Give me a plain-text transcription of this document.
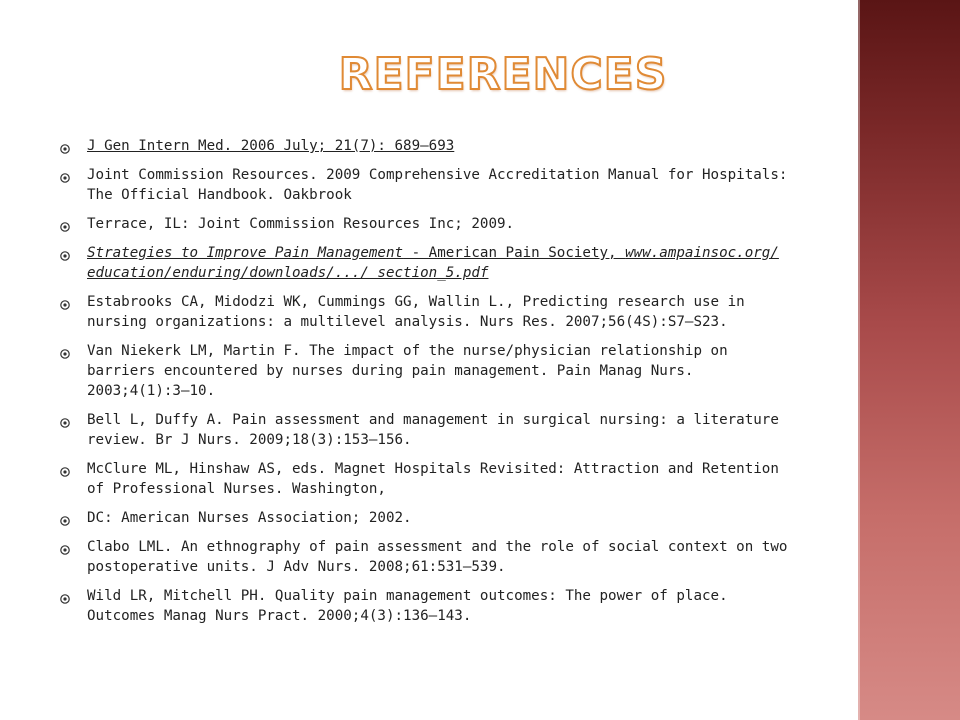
REFERENCES
J Gen Intern Med. 2006 July; 21(7): 689–693
Joint Commission Resources. 2009 Comprehensive Accreditation Manual for Hospitals: The Official Handbook. Oakbrook
Terrace, IL: Joint Commission Resources Inc; 2009.
Strategies to Improve Pain Management - American Pain Society, www.ampainsoc.org/ education/enduring/downloads/.../ section_5.pdf
Estabrooks CA, Midodzi WK, Cummings GG, Wallin L., Predicting research use in nursing organizations: a multilevel analysis. Nurs Res. 2007;56(4S):S7–S23.
Van Niekerk LM, Martin F. The impact of the nurse/physician relationship on barriers encountered by nurses during pain management. Pain Manag Nurs. 2003;4(1):3–10.
Bell L, Duffy A. Pain assessment and management in surgical nursing: a literature review. Br J Nurs. 2009;18(3):153–156.
McClure ML, Hinshaw AS, eds. Magnet Hospitals Revisited: Attraction and Retention of Professional Nurses. Washington,
DC: American Nurses Association; 2002.
Clabo LML. An ethnography of pain assessment and the role of social context on two postoperative units. J Adv Nurs. 2008;61:531–539.
Wild LR, Mitchell PH. Quality pain management outcomes: The power of place. Outcomes Manag Nurs Pract. 2000;4(3):136–143.
